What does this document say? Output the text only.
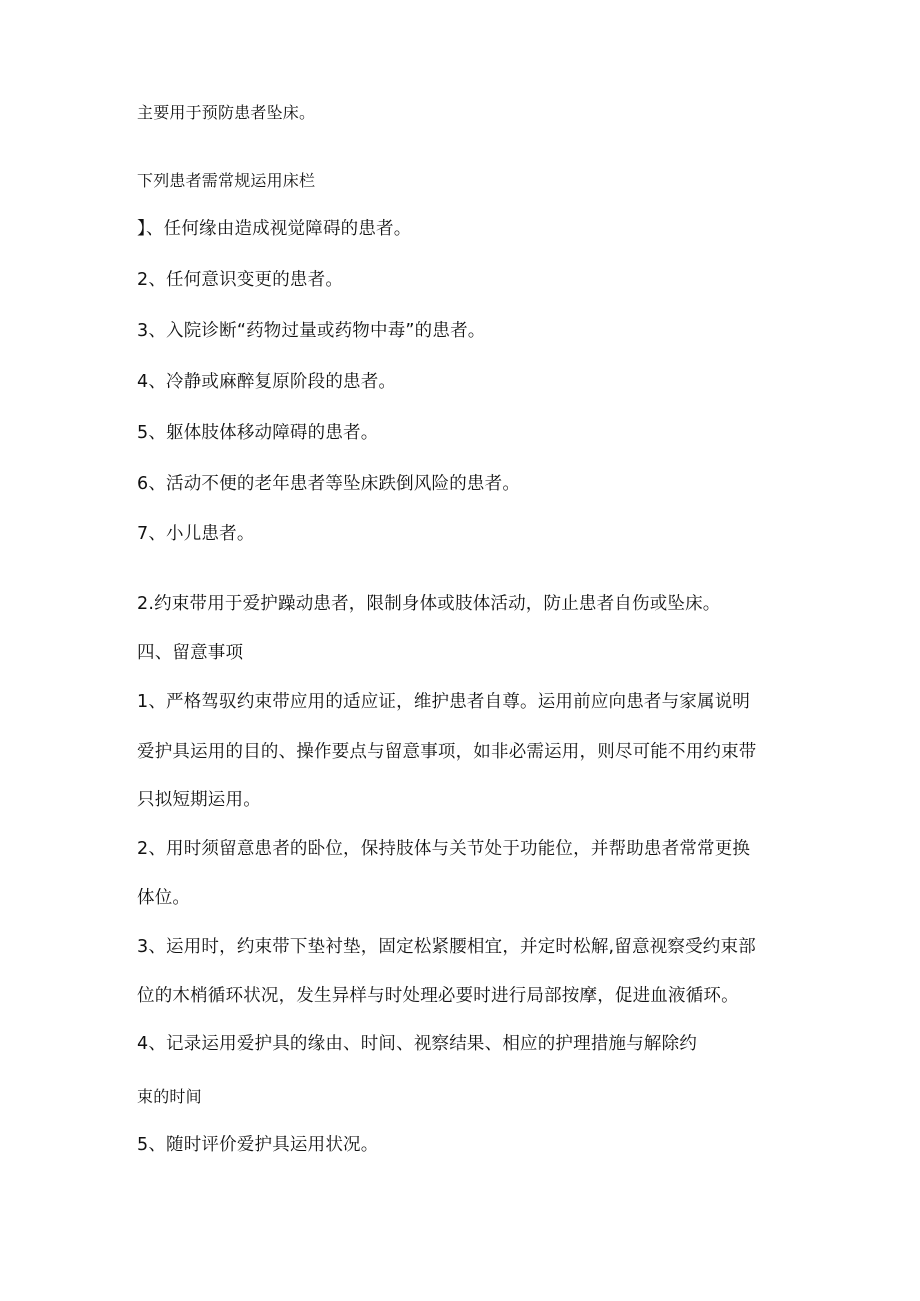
主要用于预防患者坠床。
下列患者需常规运用床栏
】、任何缘由造成视觉障碍的患者。
2、任何意识变更的患者。
3、入院诊断“药物过量或药物中毒”的患者。
4、冷静或麻醉复原阶段的患者。
5、躯体肢体移动障碍的患者。
6、活动不便的老年患者等坠床跌倒风险的患者。
7、小儿患者。
2.约束带用于爱护躁动患者，限制身体或肢体活动，防止患者自伤或坠床。
四、留意事项
1、严格驾驭约束带应用的适应证，维护患者自尊。运用前应向患者与家属说明
爱护具运用的目的、操作要点与留意事项，如非必需运用，则尽可能不用约束带
只拟短期运用。
2、用时须留意患者的卧位，保持肢体与关节处于功能位，并帮助患者常常更换
体位。
3、运用时，约束带下垫衬垫，固定松紧腰相宜，并定时松解,留意视察受约束部
位的木梢循环状况，发生异样与时处理必要时进行局部按摩，促进血液循环。
4、记录运用爱护具的缘由、时间、视察结果、相应的护理措施与解除约
束的时间
5、随时评价爱护具运用状况。
